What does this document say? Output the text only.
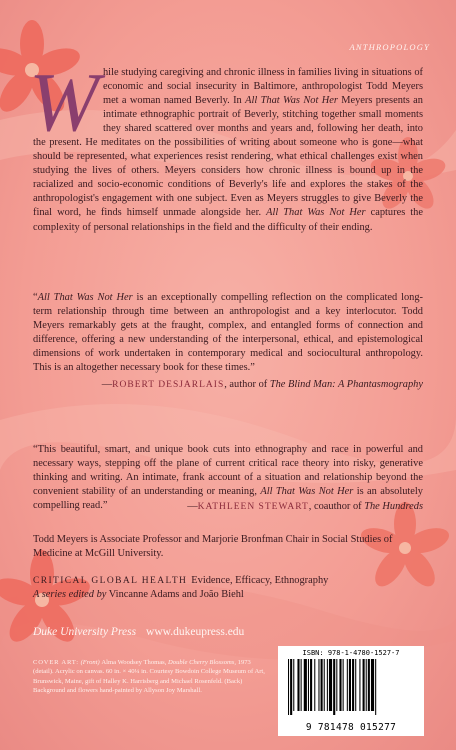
ANTHROPOLOGY
While studying caregiving and chronic illness in families living in situations of economic and social insecurity in Baltimore, anthropologist Todd Meyers met a woman named Beverly. In All That Was Not Her Meyers presents an intimate ethnographic portrait of Beverly, stitching together small moments they shared scattered over months and years and, following her death, into the present. He meditates on the possibilities of writing about someone who is gone—what should be represented, what experiences resist rendering, what ethical challenges exist when studying the lives of others. Meyers considers how chronic illness is bound up in the racialized and socio-economic conditions of Beverly's life and explores the stakes of the anthropologist's engagement with one subject. Even as Meyers struggles to give Beverly the final word, he finds himself unmade alongside her. All That Was Not Her captures the complexity of personal relationships in the field and the difficulty of their ending.
“All That Was Not Her is an exceptionally compelling reflection on the complicated long-term relationship through time between an anthropologist and a key interlocutor. Todd Meyers remarkably gets at the fraught, complex, and entangled forms of connection and difference, offering a new understanding of the interpersonal, ethical, and epistemological dimensions of work undertaken in contemporary medical and sociocultural anthropology. This is an altogether necessary book for these times.”
—ROBERT DESJARLAIS, author of The Blind Man: A Phantasmography
“This beautiful, smart, and unique book cuts into ethnography and race in powerful and necessary ways, stepping off the plane of current critical race theory into risky, generative thinking and writing. An intimate, frank account of a situation and relationship beyond the convenient stability of an understanding or meaning, All That Was Not Her is an absolutely compelling read.”	—KATHLEEN STEWART, coauthor of The Hundreds
Todd Meyers is Associate Professor and Marjorie Bronfman Chair in Social Studies of Medicine at McGill University.
CRITICAL GLOBAL HEALTH Evidence, Efficacy, Ethnography
A series edited by Vincanne Adams and João Biehl
Duke University Press www.dukeupress.edu
COVER ART: (Front) Alma Woodsey Thomas, Double Cherry Blossoms, 1973 (detail). Acrylic on canvas. 60 in. × 40¼ in. Courtesy Bowdoin College Museum of Art, Brunswick, Maine, gift of Halley K. Harrisberg and Michael Rosenfeld. (Back) Background and flowers hand-painted by Allyson Joy Marshall.
ISBN: 978-1-4780-1527-7
9 781478 015277
